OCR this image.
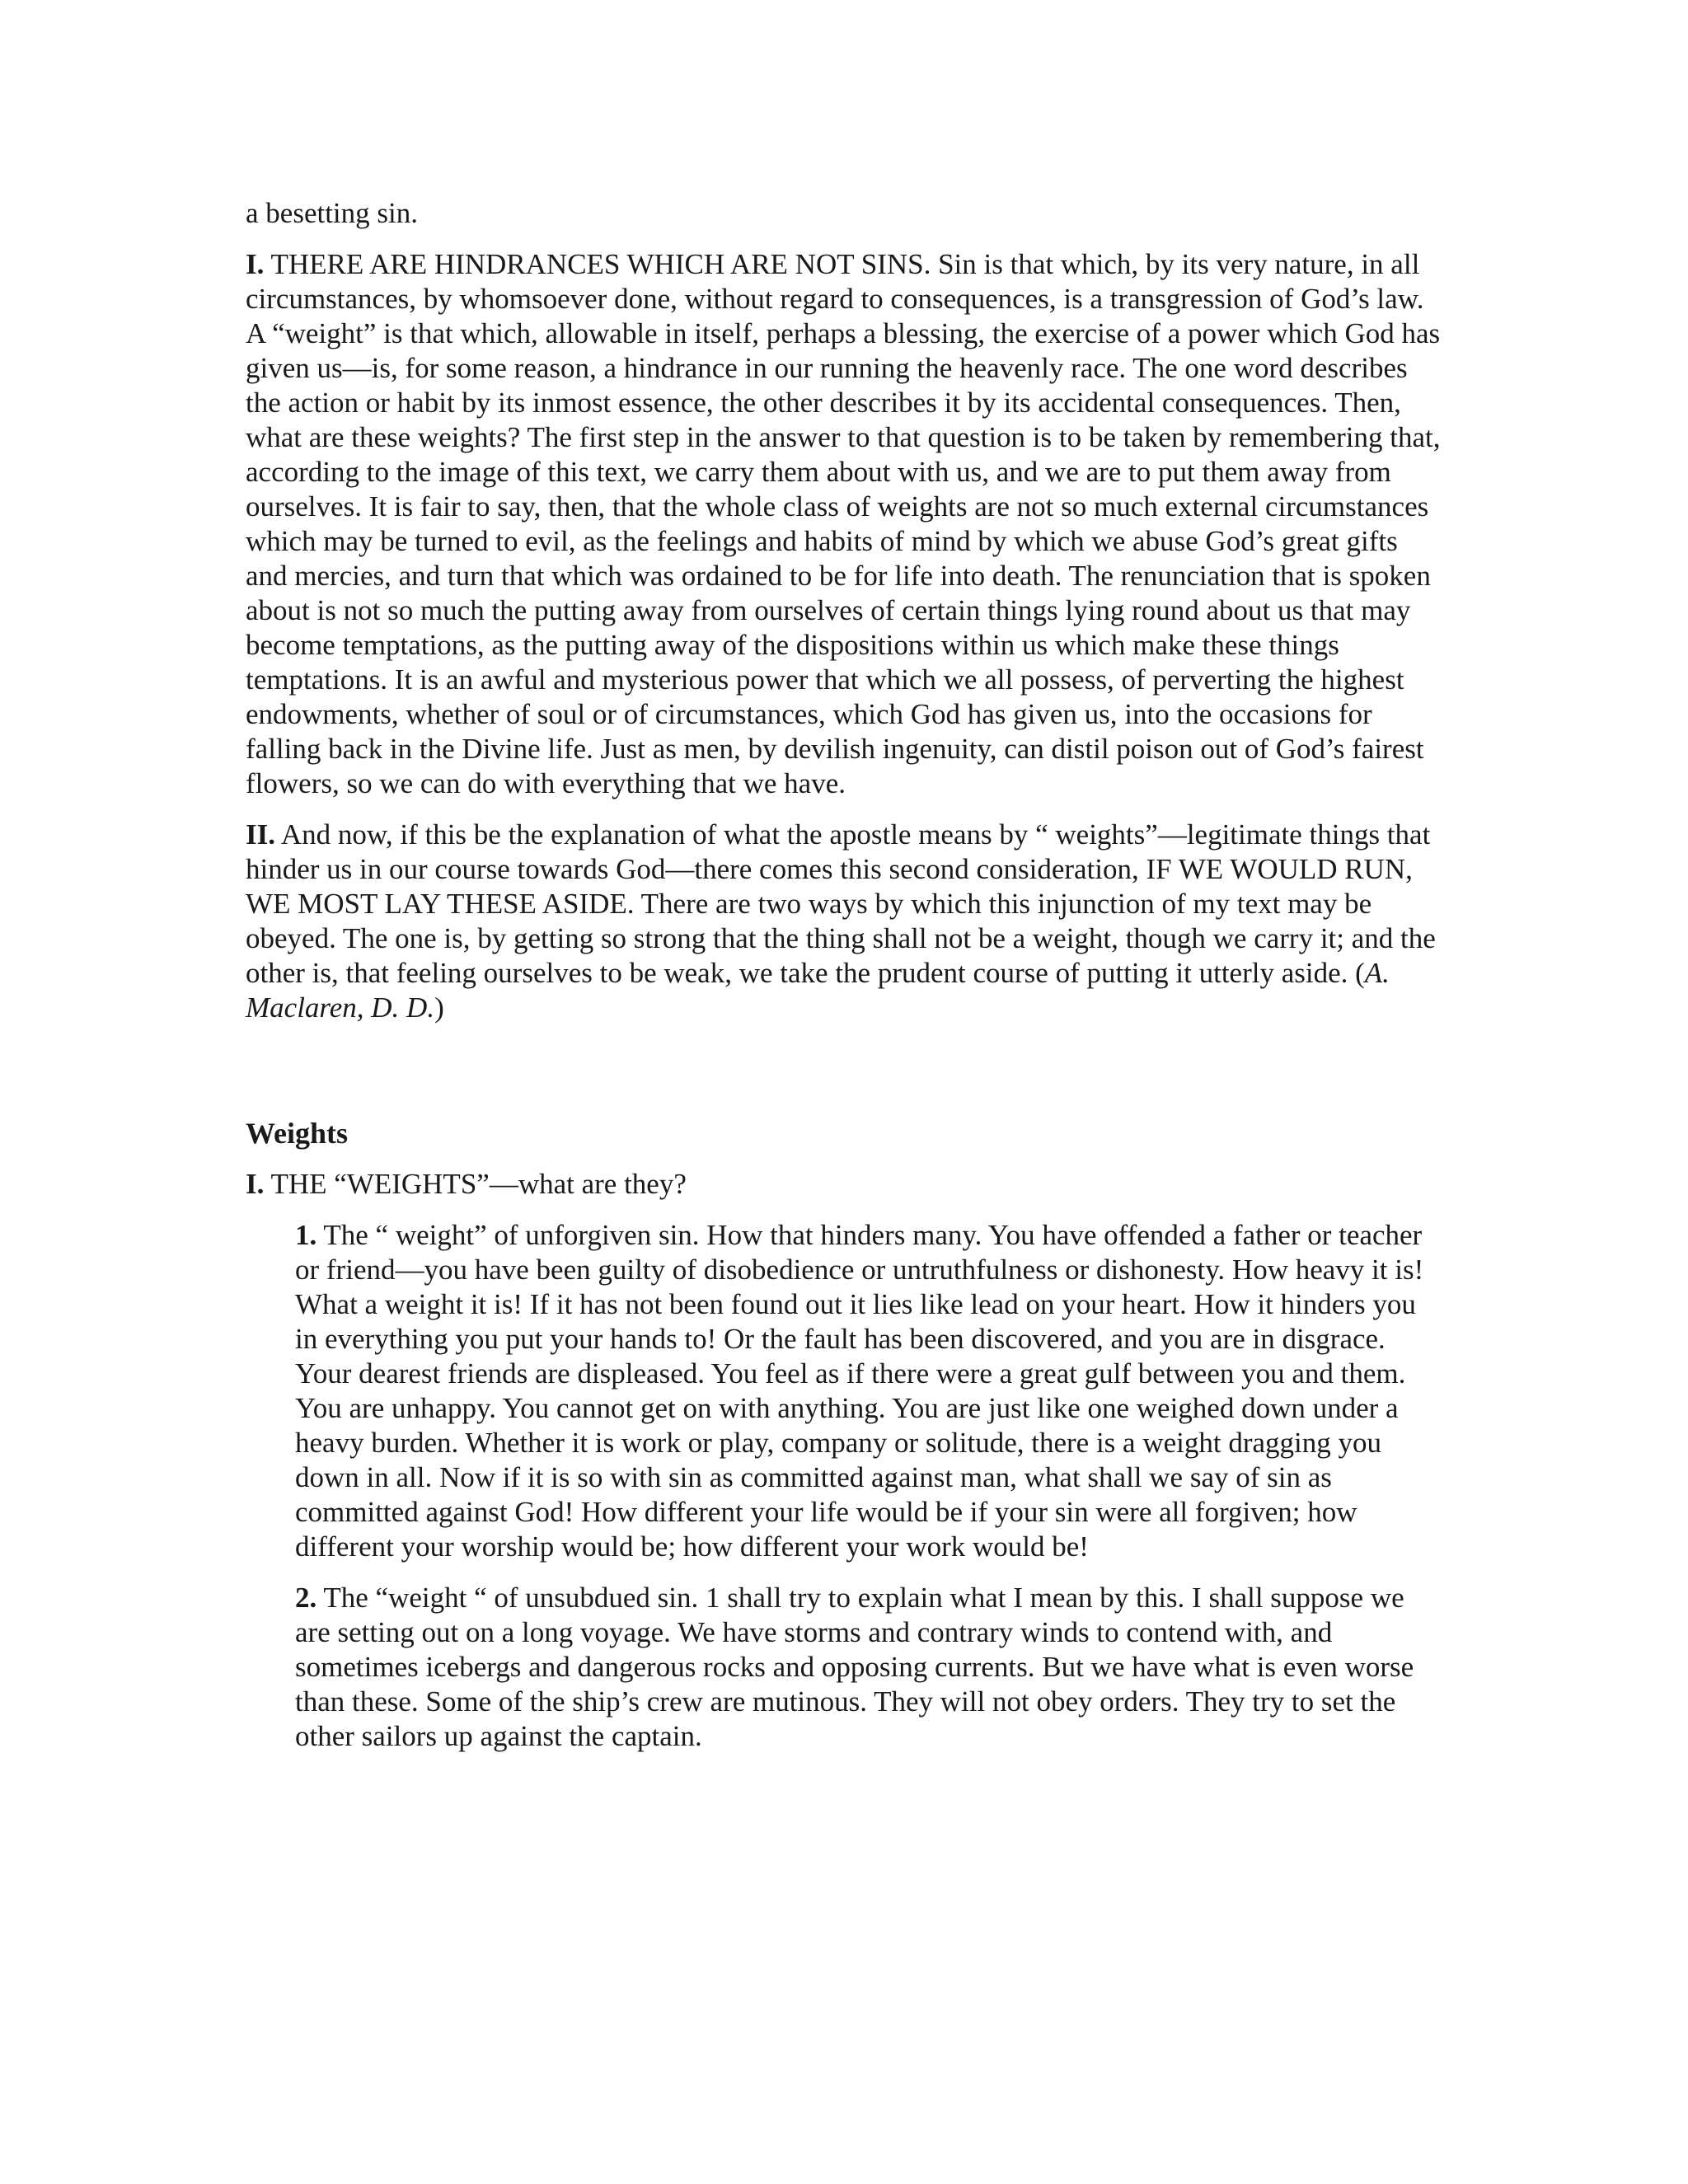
a besetting sin.

I. THERE ARE HINDRANCES WHICH ARE NOT SINS. Sin is that which, by its very nature, in all circumstances, by whomsoever done, without regard to consequences, is a transgression of God’s law. A “weight” is that which, allowable in itself, perhaps a blessing, the exercise of a power which God has given us—is, for some reason, a hindrance in our running the heavenly race. The one word describes the action or habit by its inmost essence, the other describes it by its accidental consequences. Then, what are these weights? The first step in the answer to that question is to be taken by remembering that, according to the image of this text, we carry them about with us, and we are to put them away from ourselves. It is fair to say, then, that the whole class of weights are not so much external circumstances which may be turned to evil, as the feelings and habits of mind by which we abuse God’s great gifts and mercies, and turn that which was ordained to be for life into death. The renunciation that is spoken about is not so much the putting away from ourselves of certain things lying round about us that may become temptations, as the putting away of the dispositions within us which make these things temptations. It is an awful and mysterious power that which we all possess, of perverting the highest endowments, whether of soul or of circumstances, which God has given us, into the occasions for falling back in the Divine life. Just as men, by devilish ingenuity, can distil poison out of God’s fairest flowers, so we can do with everything that we have.

II. And now, if this be the explanation of what the apostle means by “ weights”—legitimate things that hinder us in our course towards God—there comes this second consideration, IF WE WOULD RUN, WE MOST LAY THESE ASIDE. There are two ways by which this injunction of my text may be obeyed. The one is, by getting so strong that the thing shall not be a weight, though we carry it; and the other is, that feeling ourselves to be weak, we take the prudent course of putting it utterly aside. (A. Maclaren, D. D.)

Weights

I. THE “WEIGHTS”—what are they?

1. The “ weight” of unforgiven sin. How that hinders many. You have offended a father or teacher or friend—you have been guilty of disobedience or untruthfulness or dishonesty. How heavy it is! What a weight it is! If it has not been found out it lies like lead on your heart. How it hinders you in everything you put your hands to! Or the fault has been discovered, and you are in disgrace. Your dearest friends are displeased. You feel as if there were a great gulf between you and them. You are unhappy. You cannot get on with anything. You are just like one weighed down under a heavy burden. Whether it is work or play, company or solitude, there is a weight dragging you down in all. Now if it is so with sin as committed against man, what shall we say of sin as committed against God! How different your life would be if your sin were all forgiven; how different your worship would be; how different your work would be!

2. The “weight “ of unsubdued sin. 1 shall try to explain what I mean by this. I shall suppose we are setting out on a long voyage. We have storms and contrary winds to contend with, and sometimes icebergs and dangerous rocks and opposing currents. But we have what is even worse than these. Some of the ship’s crew are mutinous. They will not obey orders. They try to set the other sailors up against the captain.
